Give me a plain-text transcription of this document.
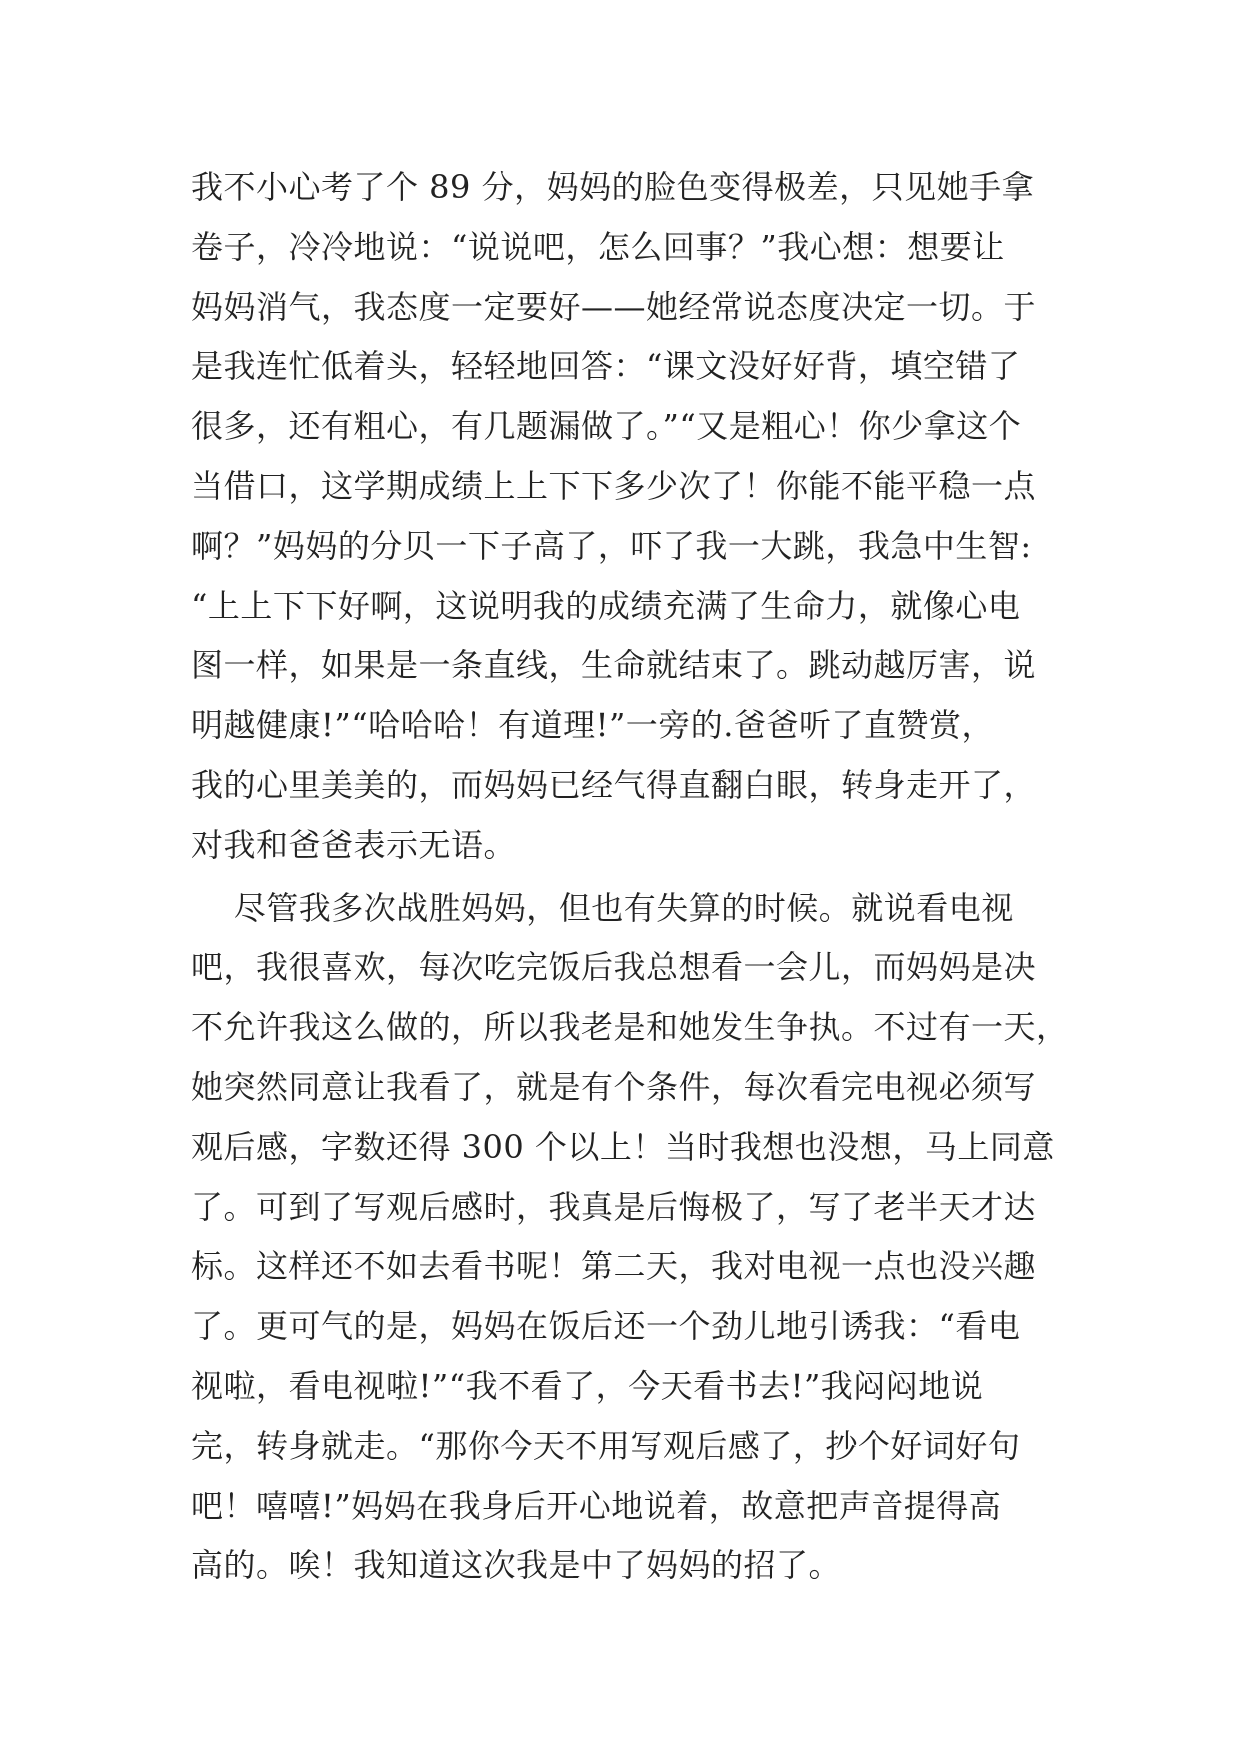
我不小心考了个 89 分，妈妈的脸色变得极差，只见她手拿
卷子，冷冷地说：“说说吧，怎么回事？”我心想：想要让
妈妈消气，我态度一定要好——她经常说态度决定一切。于
是我连忙低着头，轻轻地回答：“课文没好好背，填空错了
很多，还有粗心，有几题漏做了。”“又是粗心！你少拿这个
当借口，这学期成绩上上下下多少次了！你能不能平稳一点
啊？”妈妈的分贝一下子高了，吓了我一大跳，我急中生智:
“上上下下好啊，这说明我的成绩充满了生命力，就像心电
图一样，如果是一条直线，生命就结束了。跳动越厉害，说
明越健康!”“哈哈哈！有道理!”一旁的.爸爸听了直赞赏，
我的心里美美的，而妈妈已经气得直翻白眼，转身走开了，
对我和爸爸表示无语。
尽管我多次战胜妈妈，但也有失算的时候。就说看电视
吧，我很喜欢，每次吃完饭后我总想看一会儿，而妈妈是决
不允许我这么做的，所以我老是和她发生争执。不过有一天，
她突然同意让我看了，就是有个条件，每次看完电视必须写
观后感，字数还得 300 个以上！当时我想也没想，马上同意
了。可到了写观后感时，我真是后悔极了，写了老半天才达
标。这样还不如去看书呢！第二天，我对电视一点也没兴趣
了。更可气的是，妈妈在饭后还一个劲儿地引诱我：“看电
视啦，看电视啦!”“我不看了，今天看书去!”我闷闷地说
完，转身就走。“那你今天不用写观后感了，抄个好词好句
吧！嘻嘻!”妈妈在我身后开心地说着，故意把声音提得高
高的。唉！我知道这次我是中了妈妈的招了。
